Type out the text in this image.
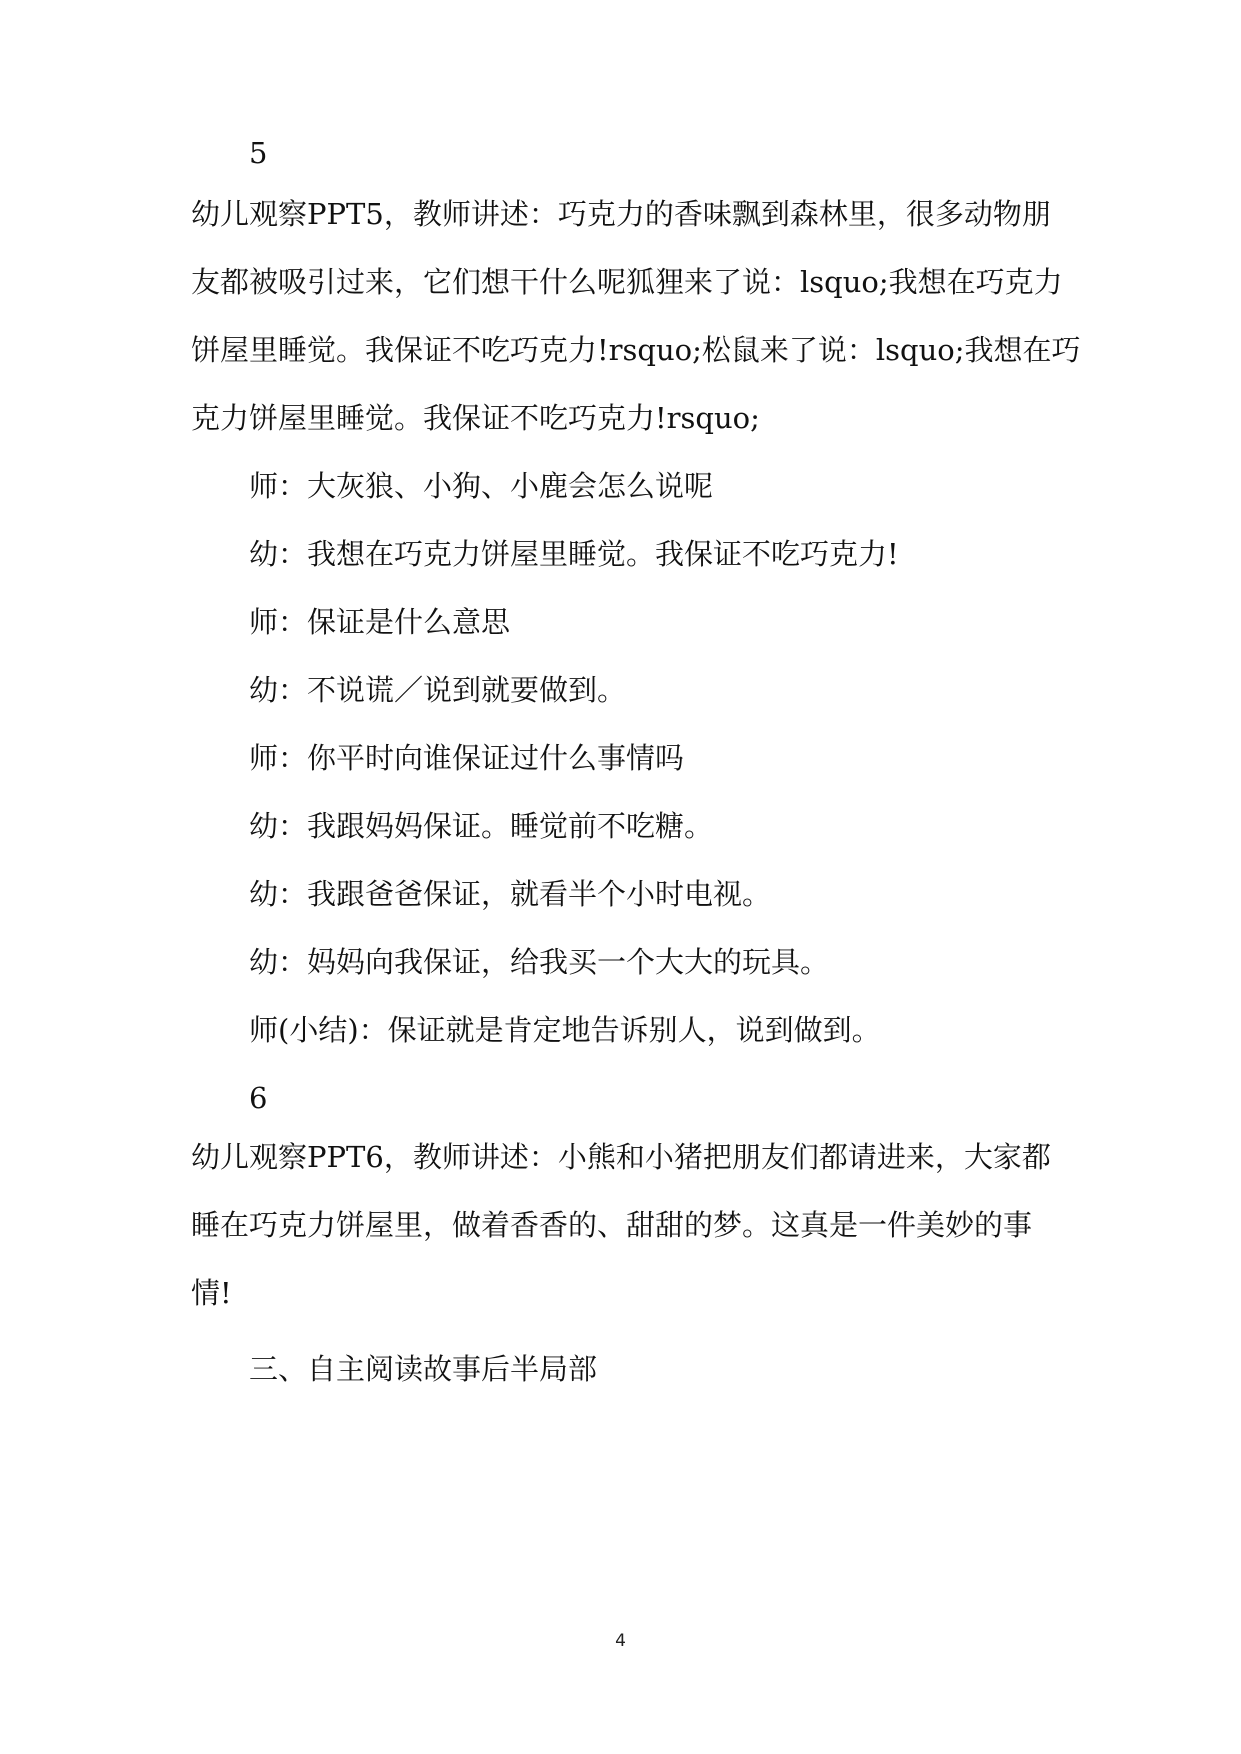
5
幼儿观察PPT5，教师讲述：巧克力的香味飘到森林里，很多动物朋
友都被吸引过来，它们想干什么呢狐狸来了说：lsquo;我想在巧克力
饼屋里睡觉。我保证不吃巧克力!rsquo;松鼠来了说：lsquo;我想在巧
克力饼屋里睡觉。我保证不吃巧克力!rsquo;
师：大灰狼、小狗、小鹿会怎么说呢
幼：我想在巧克力饼屋里睡觉。我保证不吃巧克力!
师：保证是什么意思
幼：不说谎／说到就要做到。
师：你平时向谁保证过什么事情吗
幼：我跟妈妈保证。睡觉前不吃糖。
幼：我跟爸爸保证，就看半个小时电视。
幼：妈妈向我保证，给我买一个大大的玩具。
师(小结)：保证就是肯定地告诉别人，说到做到。
6
幼儿观察PPT6，教师讲述：小熊和小猪把朋友们都请进来，大家都
睡在巧克力饼屋里，做着香香的、甜甜的梦。这真是一件美妙的事
情!
三、自主阅读故事后半局部
4
